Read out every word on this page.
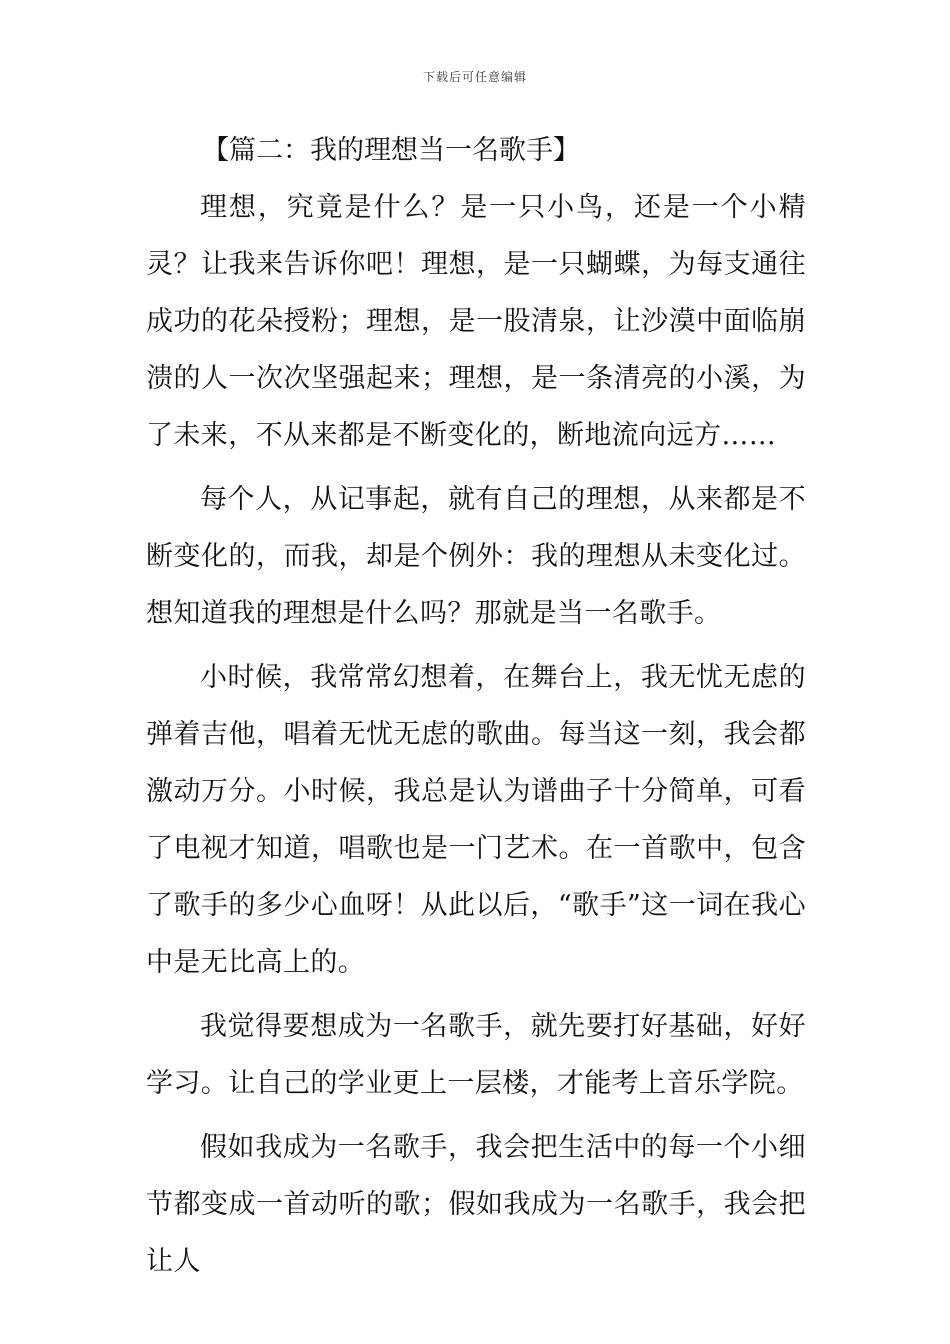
下载后可任意编辑
【篇二：我的理想当一名歌手】

理想，究竟是什么？是一只小鸟，还是一个小精灵？让我来告诉你吧！理想，是一只蝴蝶，为每支通往成功的花朵授粉；理想，是一股清泉，让沙漠中面临崩溃的人一次次坚强起来；理想，是一条清亮的小溪，为了未来，不从来都是不断变化的，断地流向远方……

每个人，从记事起，就有自己的理想，从来都是不断变化的，而我，却是个例外：我的理想从未变化过。想知道我的理想是什么吗？那就是当一名歌手。

小时候，我常常幻想着，在舞台上，我无忧无虑的弹着吉他，唱着无忧无虑的歌曲。每当这一刻，我会都激动万分。小时候，我总是认为谱曲子十分简单，可看了电视才知道，唱歌也是一门艺术。在一首歌中，包含了歌手的多少心血呀！从此以后，“歌手”这一词在我心中是无比高上的。

我觉得要想成为一名歌手，就先要打好基础，好好学习。让自己的学业更上一层楼，才能考上音乐学院。

假如我成为一名歌手，我会把生活中的每一个小细节都变成一首动听的歌；假如我成为一名歌手，我会把让人
